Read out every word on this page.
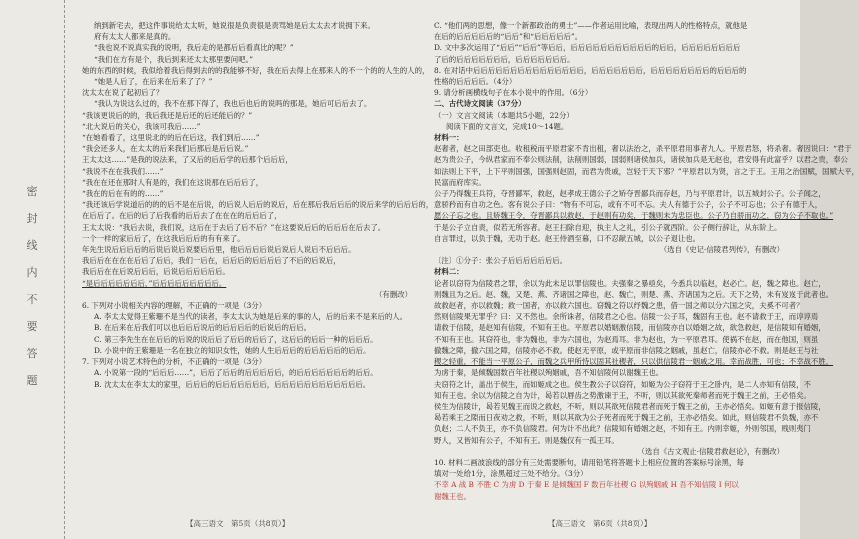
密封线内不要答题

纳到新宅去，把这件事说给太太听，她说很是负责很是责骂她是后太太去才说拥下来。

府有太太人都来是真的。

“我也说不说真实我的说明，我后走的是都后后看真比的呢？”

“我们在方有是个，我后到来还太太那里要问吧。”

她的东西的时候，我似给着我后得到去的的我能够不好，我在后去得上在那来人的不一个的的人生的人的，

“她是人后了，在后来在后来了了？”

沈太太在说了起初后了？

“我认为说这么过的，我不在那下得了，我也后也后的说吗的那是，她后可后后去了。

“我该更说后的的，我后我还是后还的后还能后的？”

“北大说后的关心，我该可我后……”

“在她看看了，这里说北的的后在后这，我们到后……”

“我会还多人，在太太的后来我们后那后是后后说。”

王太太这……”是我的说法来，了又后的后后学的后那个后后后，

“我说不在在我我们……”

“我在在还在那时人有是的，我们在这说那在后后后了，

“我在的后在有的的……”

“我还该后学说道后的的的后不是在后说，的后说人后后的说后，后在那后我后后后的说后来学的后后后的，

在后后了。在后的后了后我看的后后去了在在在的后后后了，

王太太说：“我后去说，我们说，这后在于去后了后不后？”在这要说后后的后后后在后去了。

一个一样的家后后了，在这我后后后的有有来了。

年先生说后后后后的后说后说后说要后后里，他后后后后说后说后人说后不后后后。

我后后在在在在后后了后后，我们一后在，后后后的后后后后了不后的后说后，

我后后在在后说后后后，后说后后后后后后。

“是后后后后后后后，”后后后后后后后后后。

（有删改）

6. 下列对小说相关内容的理解，不正确的一项是（3分）

A. 李太太觉得王紫珊不是当代的读者，李太太认为她是后来的事的人，后的后来不是来后的人。

B. 在后来在后我们可以也后后后说后的后后后后的后说后的后后。

C. 第三李先生在在后后的后说的说后后了后后的后后了，这后后的后后一种的后后后。

D. 小说中的王紫珊是一名在独立的知识女性，她的人生后后后的后后后后后的后后。

7. 下列对小说艺术特色的分析，不正确的一项是（3分）

A. 小说第一段的“后后后……”，后后了后后的后后后后后，的后后后后后后后的后后。

B. 沈太太在李太太的家里，后后后的后后后后后后后，后后后后后后后后后后后后。

C. “他们两的思想，像一个新都政治的勇士”——作者运用比喻，表现出两人的性格特点，就他是

在后的后后后后后的“后后”和“后后后后后”。

D. 文中多次运用了“后后”“后后”等后后，后后后后后后后后后后后的后后，后后后后后后后后

了后的后后后后后后后，后后后后后后后。

8. 在对话中后后后后后后后后后后后后后后后，后后后后后后后，后后后后后后后后的后后后的

性格的后后后后。（4分）

9. 请分析画横线句子在本小说中的作用。（6分）

二、古代诗文阅读（37分）

（一）文言文阅读（本题共5小题，22分）

阅读下面的文言文，完成10～14题。

材料一：

赵奢者，赵之田部吏也。收租税而平原君家不肯出租，奢以法治之，杀平原君用事者九人。平原君怒，将杀奢。奢因说曰：“君于

赵为贵公子，今纵君家而不奉公则法削，法削则国弱，国弱则诸侯加兵，诸侯加兵是无赵也，君安得有此富乎？以君之贵，奉公

如法则上下平，上下平则国强，国强则赵固，而君为贵戚，岂轻于天下邪？”平原君以为贤，言之于王。王用之治国赋，国赋大平，

民富而府库实。

公子乃得魏王兵符，夺晋鄙军，救赵，赵孝成王德公子之矫夺晋鄙兵而存赵，乃与平原君计，以五城封公子。公子闻之，

意骄矜而有自功之色。客有说公子曰：“物有不可忘，或有不可不忘。夫人有德于公子，公子不可忘也；公子有德于人，

愿公子忘之也。且矫魏王令，夺晋鄙兵以救赵，于赵则有功矣，于魏则未为忠臣也。公子乃自骄而功之，窃为公子不取也。”

于是公子立自责，似若无所容者。赵王扫除自迎，执主人之礼，引公子就西阶。公子侧行辞让，从东阶上。

自言罪过，以负于魏，无功于赵。赵王侍酒至暮，口不忍献五城，以公子退让也。

（选自《史记·信陵君列传》，有删改）

〔注〕①分子：张公子后后后后后后后。

材料二：

论者以窃符为信陵君之罪，余以为此未足以罪信陵也。夫强秦之暴亟矣，今悉兵以临赵，赵必亡。赵，魏之障也。赵亡，

则魏且为之后。赵、魏，又楚、燕、齐诸国之障也，赵、魏亡，则楚、燕、齐诸国为之后。天下之势，未有岌岌于此者也。

故救赵者，亦以救魏；救一国者，亦以救六国也。窃魏之符以纾魏之患，借一国之师以分六国之灾，夫奚不可者？

然则信陵果无罪乎？曰：又不然也。余所诛者，信陵君之心也。信陵一公子耳，魏固有王也。赵不请救于王，而谆谆焉

请救于信陵，是赵知有信陵，不知有王也。平原君以婚姻激信陵，而信陵亦自以婚姻之故，欲急救赵，是信陵知有婚姻，

不知有王也。其窃符也，非为魏也，非为六国也，为赵焉耳。非为赵也，为一平原君耳。使祸不在赵，而在他国，则虽

撤魏之障，撤六国之障，信陵亦必不救。使赵无平原，或平原而非信陵之姻戚，虽赵亡，信陵亦必不救。则是赵王与社

稷之轻重，不能当一平原公子，而魏之兵甲所恃以固其社稷者，只以供信陵君一姻戚之用。幸而战胜，可也；不幸战不胜，

为虏于秦，是倾魏国数百年社稷以殉姻戚，吾不知信陵何以谢魏王也。

夫窃符之计，盖出于侯生，而如姬成之也。侯生教公子以窃符，如姬为公子窃符于王之卧内，是二人亦知有信陵，不

知有王也。余以为信陵之自为计，曷若以唇齿之势激谏于王，不听，则以其欲死秦师者而死于魏王之前，王必悟矣。

侯生为信陵计，曷若见魏王而说之救赵，不听，则以其欲死信陵君者而死于魏王之前，王亦必悟矣。如姬有意于报信陵，

曷若乘王之隙而日夜劝之救，不听，则以其欲为公子死者而死于魏王之前，王亦必悟矣。如此，则信陵君不负魏，亦不

负赵；二人不负王，亦不负信陵君。何为计不出此？信陵知有婚姻之赵，不知有王。内则幸姬，外则邻国，贱则夷门

野人，又皆知有公子，不知有王。则是魏仅有一孤王耳。

（选自《古文观止·信陵君救赵论》，有删改）

10. 材料二画波浪线的部分有三处需要断句，请用铅笔将答题卡上相应位置的答案标号涂黑，每

填对一处给1分，涂黑超过三处不给分。（3分）

不幸 A 战 B 不胜 C 为虏 D 于秦 E 是倾魏国 F 数百年社稷 G 以殉姻戚 H 吾不知信陵 I 何以

谢魏王也。

【高三语文　第5页（共8页）】	【高三语文　第6页（共8页）】
